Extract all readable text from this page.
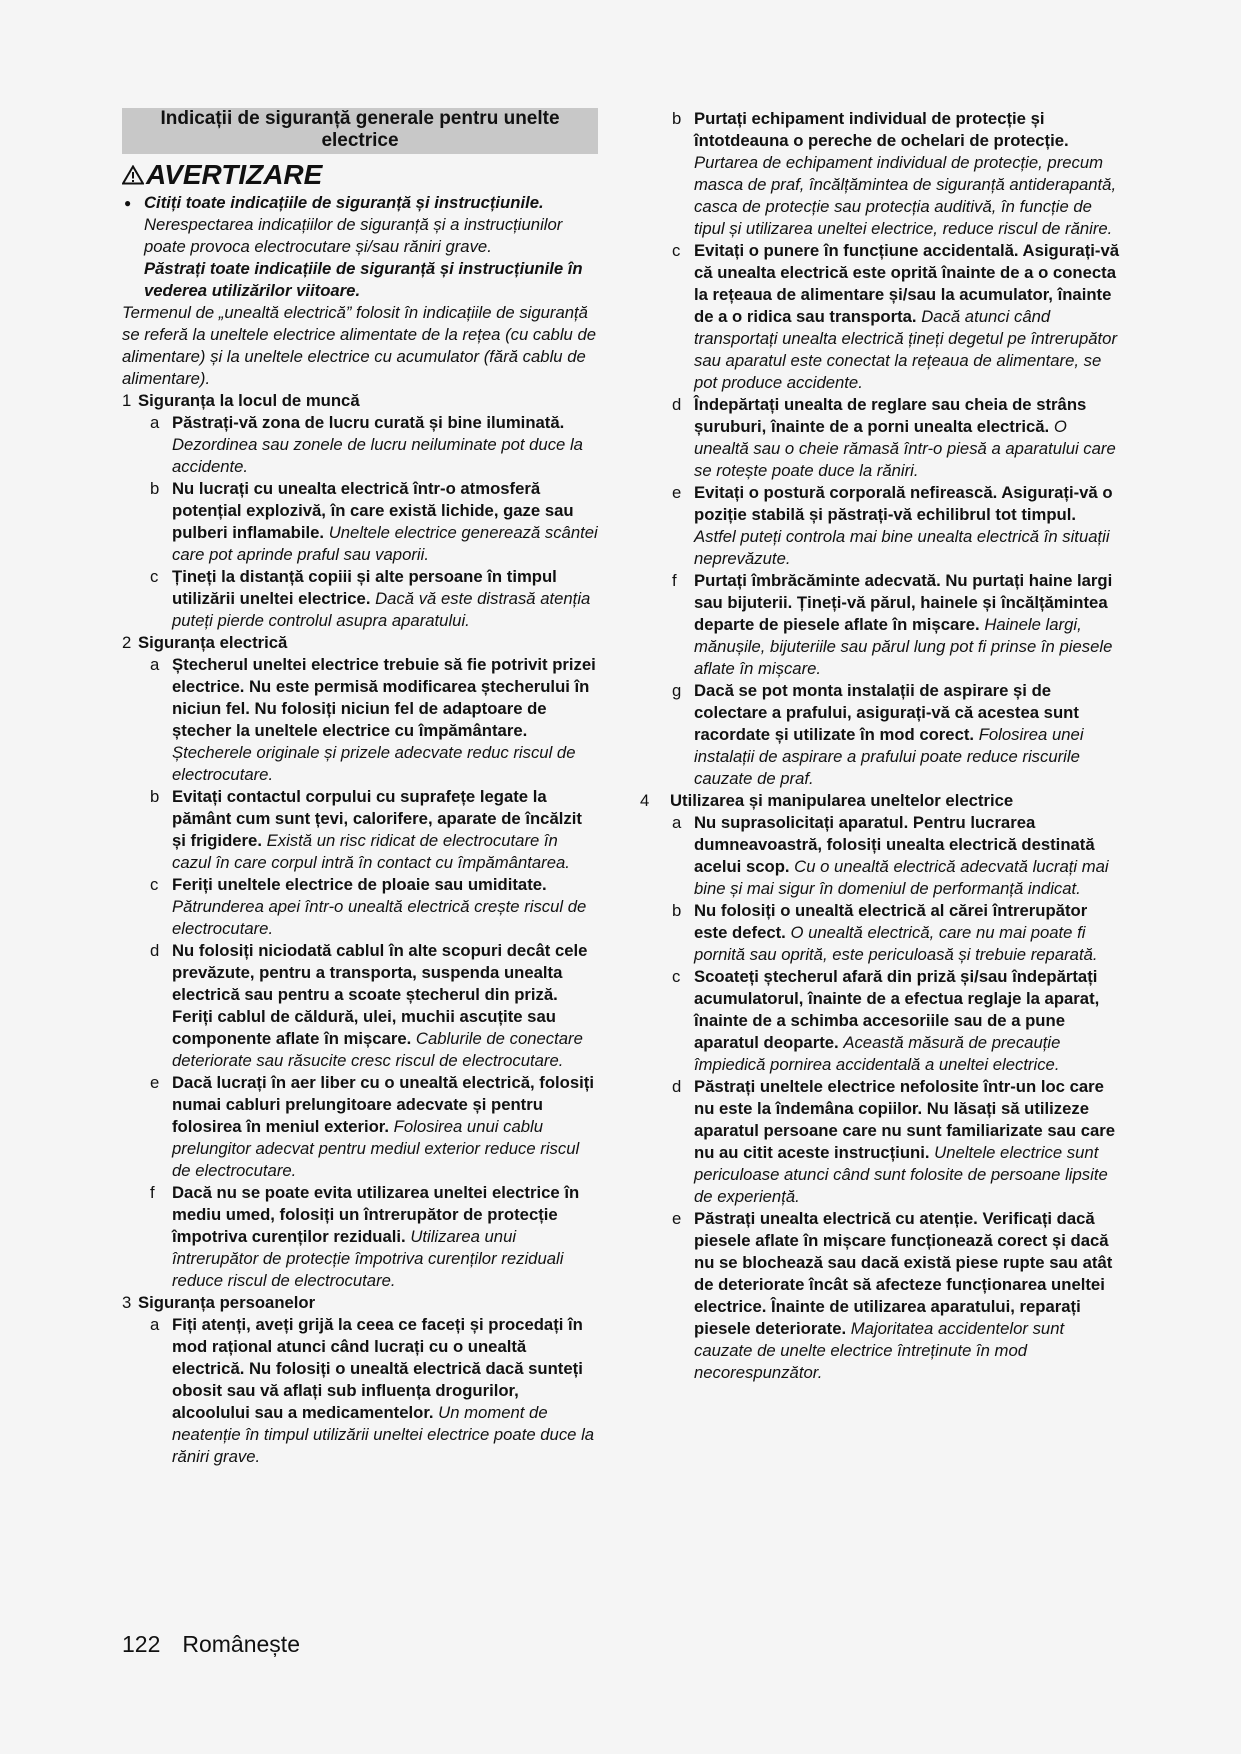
Indicații de siguranță generale pentru unelte electrice
AVERTIZARE
● Citiți toate indicațiile de siguranță și instrucțiunile.
Nerespectarea indicațiilor de siguranță și a instrucțiunilor poate provoca electrocutare și/sau răniri grave.
Păstrați toate indicațiile de siguranță și instrucțiunile în vederea utilizărilor viitoare.
Termenul de „unealtă electrică” folosit în indicațiile de siguranță se referă la uneltele electrice alimentate de la rețea (cu cablu de alimentare) și la uneltele electrice cu acumulator (fără cablu de alimentare).
1 Siguranța la locul de muncă
a Păstrați-vă zona de lucru curată și bine iluminată. Dezordinea sau zonele de lucru neiluminate pot duce la accidente.
b Nu lucrați cu unealta electrică într-o atmosferă potențial explozivă, în care există lichide, gaze sau pulberi inflamabile. Uneltele electrice generează scântei care pot aprinde praful sau vaporii.
c Țineți la distanță copiii și alte persoane în timpul utilizării uneltei electrice. Dacă vă este distrasă atenția puteți pierde controlul asupra aparatului.
2 Siguranța electrică
a Ștecherul uneltei electrice trebuie să fie potrivit prizei electrice. Nu este permisă modificarea ștecherului în niciun fel. Nu folosiți niciun fel de adaptoare de ștecher la uneltele electrice cu împământare. Ștecherele originale și prizele adecvate reduc riscul de electrocutare.
b Evitați contactul corpului cu suprafețe legate la pământ cum sunt țevi, calorifere, aparate de încălzit și frigidere. Există un risc ridicat de electrocutare în cazul în care corpul intră în contact cu împământarea.
c Feriți uneltele electrice de ploaie sau umiditate. Pătrunderea apei într-o unealtă electrică crește riscul de electrocutare.
d Nu folosiți niciodată cablul în alte scopuri decât cele prevăzute, pentru a transporta, suspenda unealta electrică sau pentru a scoate ștecherul din priză. Feriți cablul de căldură, ulei, muchii ascuțite sau componente aflate în mișcare. Cablurile de conectare deteriorate sau răsucite cresc riscul de electrocutare.
e Dacă lucrați în aer liber cu o unealtă electrică, folosiți numai cabluri prelungitoare adecvate și pentru folosirea în meniul exterior. Folosirea unui cablu prelungitor adecvat pentru mediul exterior reduce riscul de electrocutare.
f	Dacă nu se poate evita utilizarea uneltei electrice în mediu umed, folosiți un întrerupător de protecție împotriva curenților reziduali. Utilizarea unui întrerupător de protecție împotriva curenților reziduali reduce riscul de electrocutare.
3 Siguranța persoanelor
a Fiți atenți, aveți grijă la ceea ce faceți și procedați în mod rațional atunci când lucrați cu o unealtă electrică. Nu folosiți o unealtă electrică dacă sunteți obosit sau vă aflați sub influența drogurilor, alcoolului sau a medicamentelor. Un moment de neatenție în timpul utilizării uneltei electrice poate duce la răniri grave.
b Purtați echipament individual de protecție și întotdeauna o pereche de ochelari de protecție. Purtarea de echipament individual de protecție, precum masca de praf, încălțămintea de siguranță antiderapantă, casca de protecție sau protecția auditivă, în funcție de tipul și utilizarea uneltei electrice, reduce riscul de rănire.
c Evitați o punere în funcțiune accidentală. Asigurați-vă că unealta electrică este oprită înainte de a o conecta la rețeaua de alimentare și/sau la acumulator, înainte de a o ridica sau transporta. Dacă atunci când transportați unealta electrică țineți degetul pe întrerupător sau aparatul este conectat la rețeaua de alimentare, se pot produce accidente.
d Îndepărtați unealta de reglare sau cheia de strâns șuruburi, înainte de a porni unealta electrică. O unealtă sau o cheie rămasă într-o piesă a aparatului care se rotește poate duce la răniri.
e Evitați o postură corporală nefirească. Asigurați-vă o poziție stabilă și păstrați-vă echilibrul tot timpul. Astfel puteți controla mai bine unealta electrică în situații neprevăzute.
f	Purtați îmbrăcăminte adecvată. Nu purtați haine largi sau bijuterii. Țineți-vă părul, hainele și încălțămintea departe de piesele aflate în mișcare. Hainele largi, mănușile, bijuteriile sau părul lung pot fi prinse în piesele aflate în mișcare.
g Dacă se pot monta instalații de aspirare și de colectare a prafului, asigurați-vă că acestea sunt racordate și utilizate în mod corect. Folosirea unei instalații de aspirare a prafului poate reduce riscurile cauzate de praf.
4	Utilizarea și manipularea uneltelor electrice
a Nu suprasolicitați aparatul. Pentru lucrarea dumneavoastră, folosiți unealta electrică destinată acelui scop. Cu o unealtă electrică adecvată lucrați mai bine și mai sigur în domeniul de performanță indicat.
b Nu folosiți o unealtă electrică al cărei întrerupător este defect. O unealtă electrică, care nu mai poate fi pornită sau oprită, este periculoasă și trebuie reparată.
c Scoateți ștecherul afară din priză și/sau îndepărtați acumulatorul, înainte de a efectua reglaje la aparat, înainte de a schimba accesoriile sau de a pune aparatul deoparte. Această măsură de precauție împiedică pornirea accidentală a uneltei electrice.
d Păstrați uneltele electrice nefolosite într-un loc care nu este la îndemâna copiilor. Nu lăsați să utilizeze aparatul persoane care nu sunt familiarizate sau care nu au citit aceste instrucțiuni. Uneltele electrice sunt periculoase atunci când sunt folosite de persoane lipsite de experiență.
e Păstrați unealta electrică cu atenție. Verificați dacă piesele aflate în mișcare funcționează corect și dacă nu se blochează sau dacă există piese rupte sau atât de deteriorate încât să afecteze funcționarea uneltei electrice. Înainte de utilizarea aparatului, reparați piesele deteriorate. Majoritatea accidentelor sunt cauzate de unelte electrice întreținute în mod necorespunzător.
122 Românește
